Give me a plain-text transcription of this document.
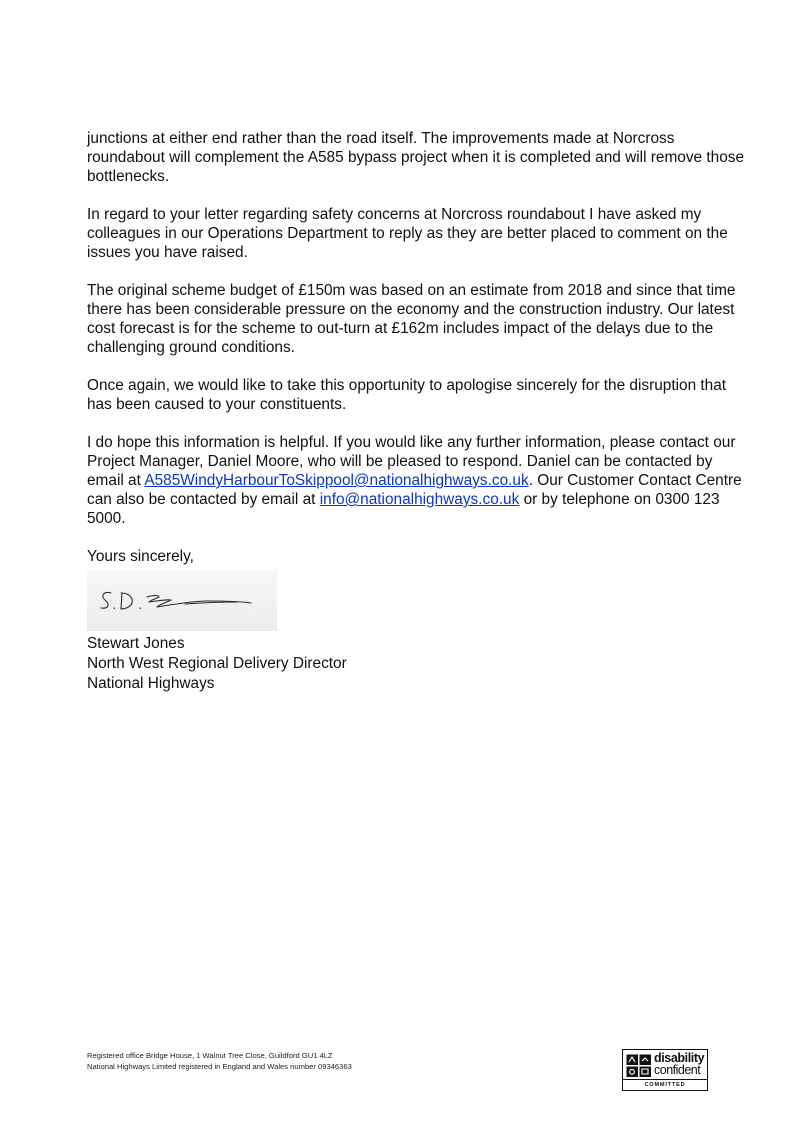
junctions at either end rather than the road itself. The improvements made at Norcross roundabout will complement the A585 bypass project when it is completed and will remove those bottlenecks.

In regard to your letter regarding safety concerns at Norcross roundabout I have asked my colleagues in our Operations Department to reply as they are better placed to comment on the issues you have raised.

The original scheme budget of £150m was based on an estimate from 2018 and since that time there has been considerable pressure on the economy and the construction industry. Our latest cost forecast is for the scheme to out-turn at £162m includes impact of the delays due to the challenging ground conditions.

Once again, we would like to take this opportunity to apologise sincerely for the disruption that has been caused to your constituents.

I do hope this information is helpful. If you would like any further information, please contact our Project Manager, Daniel Moore, who will be pleased to respond. Daniel can be contacted by email at A585WindyHarbourToSkippool@nationalhighways.co.uk. Our Customer Contact Centre can also be contacted by email at info@nationalhighways.co.uk or by telephone on 0300 123 5000.

Yours sincerely,

Stewart Jones
North West Regional Delivery Director
National Highways
Registered office Bridge House, 1 Walnut Tree Close, Guildford GU1 4LZ
National Highways Limited registered in England and Wales number 09346363
disability
confident
COMMITTED
